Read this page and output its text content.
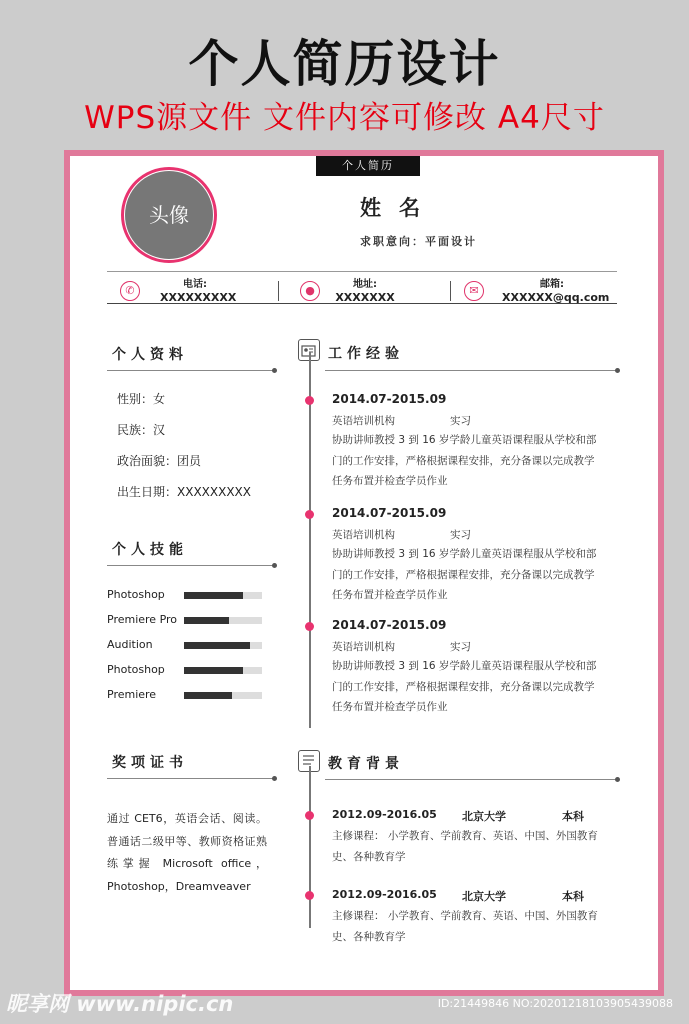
个人简历设计
WPS源文件 文件内容可修改 A4尺寸
个人简历
头像	姓名
求职意向：平面设计
✆	电话:
XXXXXXXXX
●	地址:
XXXXXXX
✉	邮箱:
XXXXXX@qq.com
个人资料
性别：女
民族：汉
政治面貌：团员
出生日期：XXXXXXXXX
个人技能
Photoshop
Premiere Pro
Audition
Photoshop
Premiere
奖项证书
通过 CET6，英语会话、阅读。普通话二级甲等、教师资格证熟练掌握 Microsoft office，Photoshop，Dreamveaver
工作经验
2014.07-2015.09
英语培训机构	实习
协助讲师教授 3 到 16 岁学龄儿童英语课程服从学校和部门的工作安排，严格根据课程安排，充分备课以完成教学任务布置并检查学员作业
2014.07-2015.09
英语培训机构	实习
协助讲师教授 3 到 16 岁学龄儿童英语课程服从学校和部门的工作安排，严格根据课程安排，充分备课以完成教学任务布置并检查学员作业
2014.07-2015.09
英语培训机构	实习
协助讲师教授 3 到 16 岁学龄儿童英语课程服从学校和部门的工作安排，严格根据课程安排，充分备课以完成教学任务布置并检查学员作业
教育背景
2012.09-2016.05 北京大学	本科
主修课程： 小学教育、学前教育、英语、中国、外国教育史、各种教育学
2012.09-2016.05 北京大学	本科
主修课程： 小学教育、学前教育、英语、中国、外国教育史、各种教育学
昵享网 www.nipic.cn	ID:21449846 NO:20201218103905439088
